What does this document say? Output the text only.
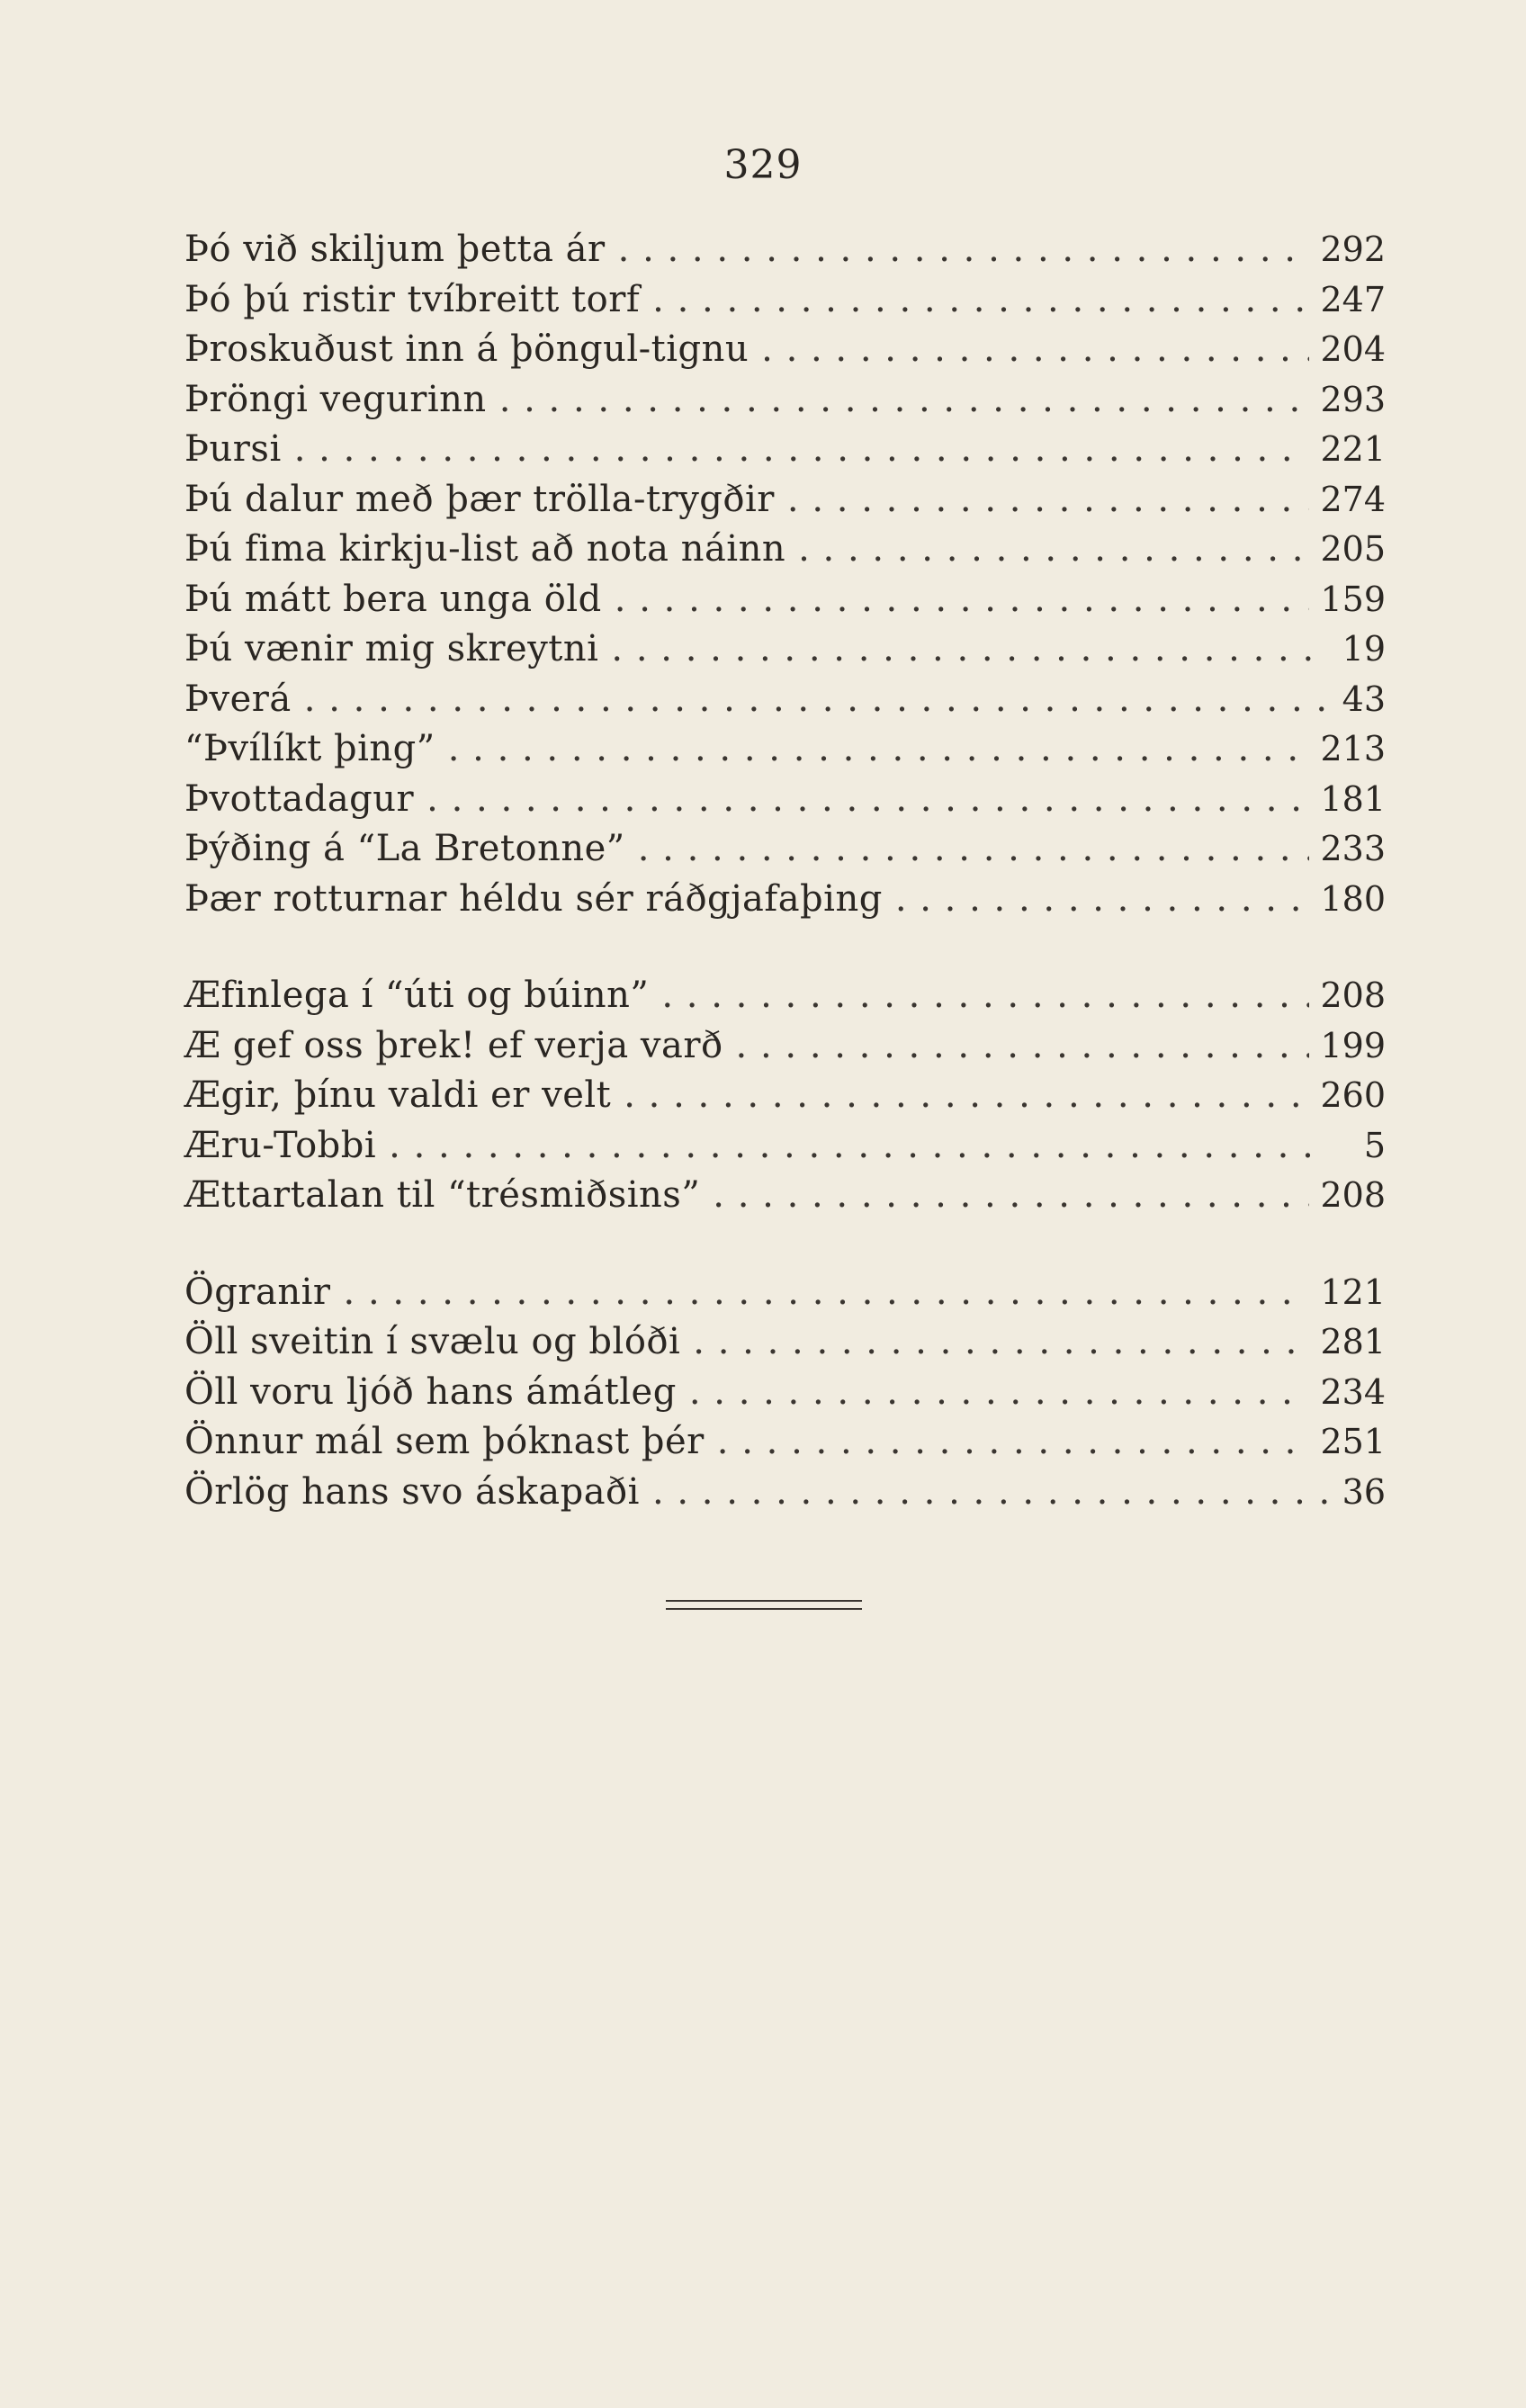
329
Þó við skiljum þetta ár . . .	292
Þó þú ristir tvíbreitt torf . . .	247
Þroskuðust inn á þöngul-tignu . . .	204
Þröngi vegurinn . . .	293
Þursi . . .	221
Þú dalur með þær trölla-trygðir . . .	274
Þú fima kirkju-list að nota náinn . . .	205
Þú mátt bera unga öld . . .	159
Þú vænir mig skreytni . . .	19
Þverá . . .	43
“Þvílíkt þing” . . .	213
Þvottadagur . . .	181
Þýðing á “La Bretonne” . . .	233
Þær rotturnar héldu sér ráðgjafaþing . . .	180
Æfinlega í “úti og búinn” . . .	208
Æ gef oss þrek! ef verja varð . . .	199
Ægir, þínu valdi er velt . . .	260
Æru-Tobbi . . .	5
Ættartalan til “trésmiðsins” . . .	208
Ögranir . . .	121
Öll sveitin í svælu og blóði . . .	281
Öll voru ljóð hans ámátleg . . .	234
Önnur mál sem þóknast þér . . .	251
Örlög hans svo áskapaði . . .	36
